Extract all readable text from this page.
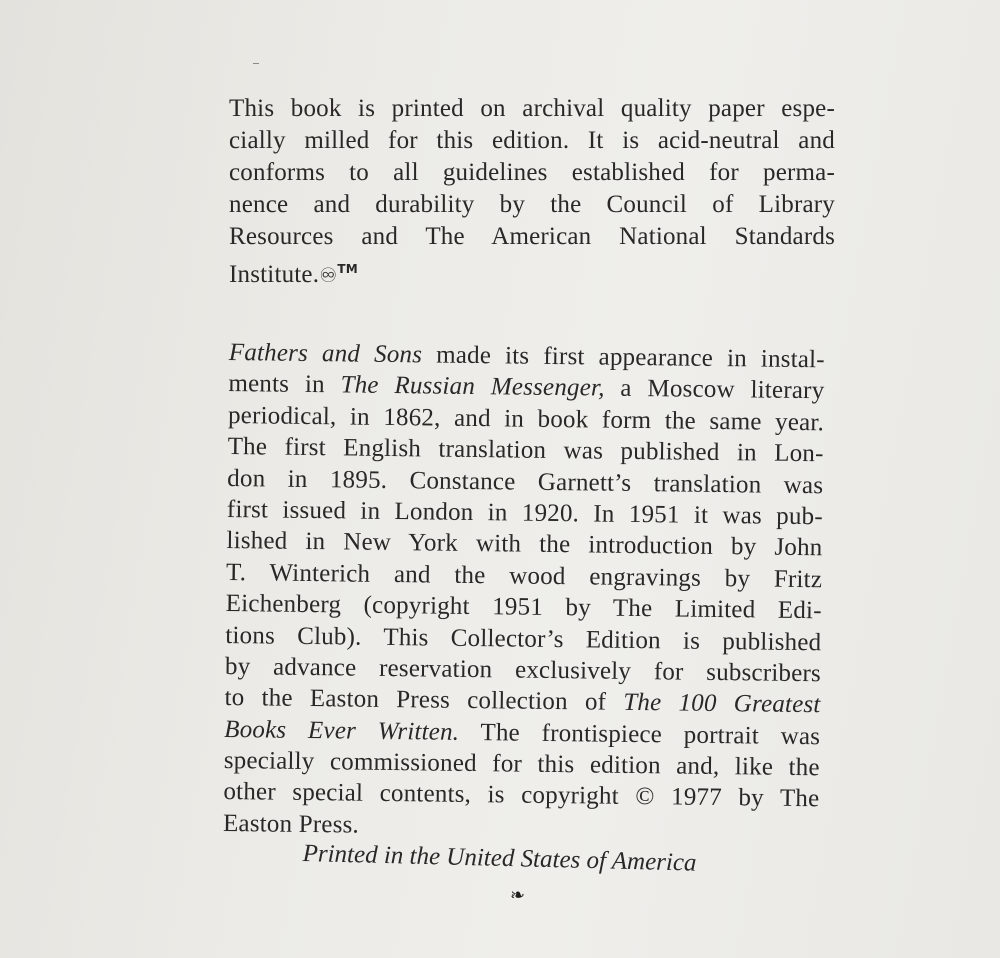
This book is printed on archival quality paper espe-
cially milled for this edition. It is acid-neutral and
conforms to all guidelines established for perma-
nence and durability by the Council of Library
Resources and The American National Standards
Institute.♾™
Fathers and Sons made its first appearance in instal-
ments in The Russian Messenger, a Moscow literary
periodical, in 1862, and in book form the same year.
The first English translation was published in Lon-
don in 1895. Constance Garnett’s translation was
first issued in London in 1920. In 1951 it was pub-
lished in New York with the introduction by John
T. Winterich and the wood engravings by Fritz
Eichenberg (copyright 1951 by The Limited Edi-
tions Club). This Collector’s Edition is published
by advance reservation exclusively for subscribers
to the Easton Press collection of The 100 Greatest
Books Ever Written. The frontispiece portrait was
specially commissioned for this edition and, like the
other special contents, is copyright © 1977 by The
Easton Press.
Printed in the United States of America
❧
